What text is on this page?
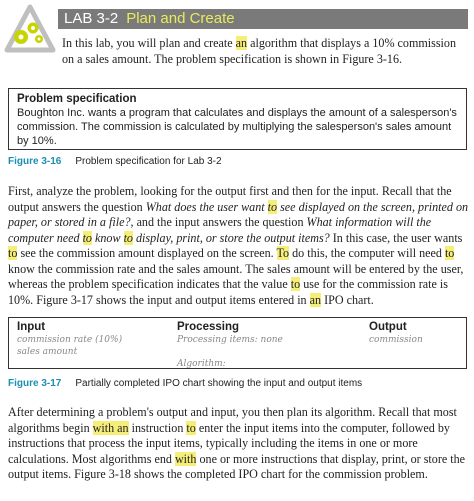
LAB 3-2 Plan and Create

In this lab, you will plan and create an algorithm that displays a 10% commission on a sales amount. The problem specification is shown in Figure 3-16.

Problem specification

Boughton Inc. wants a program that calculates and displays the amount of a salesperson's commission. The commission is calculated by multiplying the salesperson's sales amount by 10%.

Figure 3-16 Problem specification for Lab 3-2

First, analyze the problem, looking for the output first and then for the input. Recall that the output answers the question What does the user want to see displayed on the screen, printed on paper, or stored in a file?, and the input answers the question What information will the computer need to know to display, print, or store the output items? In this case, the user wants to see the commission amount displayed on the screen. To do this, the computer will need to know the commission rate and the sales amount. The sales amount will be entered by the user, whereas the problem specification indicates that the value to use for the commission rate is 10%. Figure 3-17 shows the input and output items entered in an IPO chart.

Input
commission rate (10%)
sales amount
Processing
Processing items: none
Algorithm:
Output
commission
Figure 3-17 Partially completed IPO chart showing the input and output items

After determining a problem's output and input, you then plan its algorithm. Recall that most algorithms begin with an instruction to enter the input items into the computer, followed by instructions that process the input items, typically including the items in one or more calculations. Most algorithms end with one or more instructions that display, print, or store the output items. Figure 3-18 shows the completed IPO chart for the commission problem.
